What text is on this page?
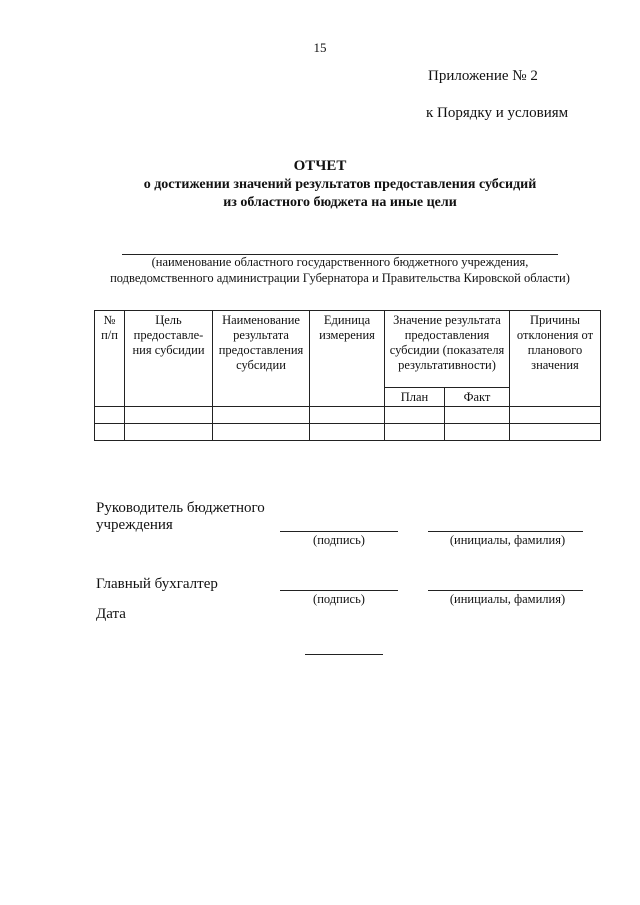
15
Приложение № 2
к Порядку и условиям
ОТЧЕТ
о достижении значений результатов предоставления субсидий
из областного бюджета на иные цели
(наименование областного государственного бюджетного учреждения,
подведомственного администрации Губернатора и Правительства Кировской области)
№ п/п	Цель предоставле-ния субсидии	Наименование результата предоставления субсидии	Единица измерения	Значение результата предоставления субсидии (показателя результативности)		Причины отклонения от планового значения
				План	Факт	

Руководитель бюджетного
учреждения
(подпись)	(инициалы, фамилия)
Главный бухгалтер
(подпись)	(инициалы, фамилия)
Дата
